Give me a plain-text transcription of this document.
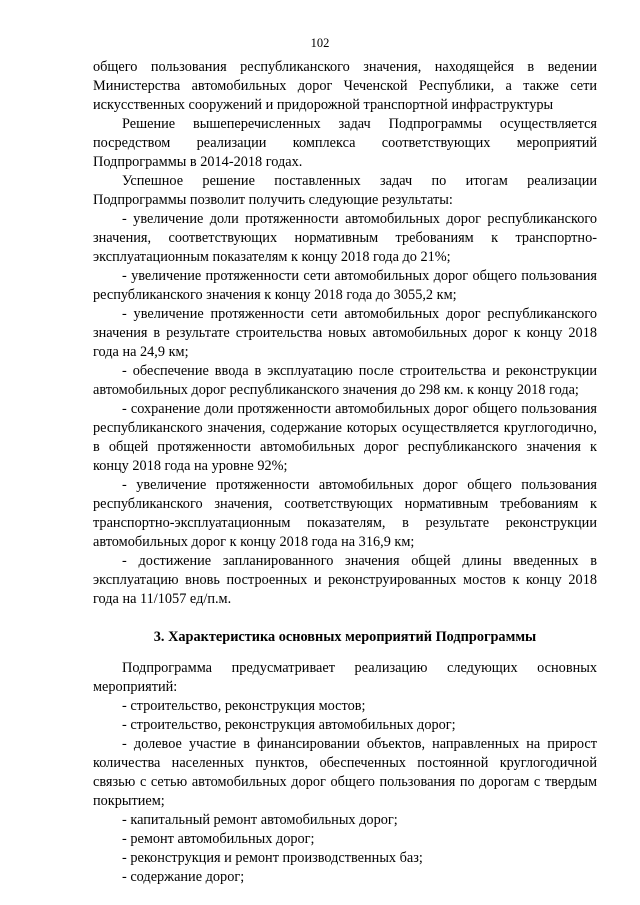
102

общего пользования республиканского значения, находящейся в ведении Министерства автомобильных дорог Чеченской Республики, а также сети искусственных сооружений и придорожной транспортной инфраструктуры

Решение вышеперечисленных задач Подпрограммы осуществляется посредством реализации комплекса соответствующих мероприятий Подпрограммы в 2014-2018 годах.

Успешное решение поставленных задач по итогам реализации Подпрограммы позволит получить следующие результаты:

- увеличение доли протяженности автомобильных дорог республиканского значения, соответствующих нормативным требованиям к транспортно-эксплуатационным показателям к концу 2018 года до 21%;

- увеличение протяженности сети автомобильных дорог общего пользования республиканского значения к концу 2018 года до 3055,2 км;

- увеличение протяженности сети автомобильных дорог республиканского значения в результате строительства новых автомобильных дорог к концу 2018 года на 24,9 км;

- обеспечение ввода в эксплуатацию после строительства и реконструкции автомобильных дорог республиканского значения до 298 км. к концу 2018 года;

- сохранение доли протяженности автомобильных дорог общего пользования республиканского значения, содержание которых осуществляется круглогодично, в общей протяженности автомобильных дорог республиканского значения к концу 2018 года на уровне 92%;

- увеличение протяженности автомобильных дорог общего пользования республиканского значения, соответствующих нормативным требованиям к транспортно-эксплуатационным показателям, в результате реконструкции автомобильных дорог к концу 2018 года на 316,9 км;

- достижение запланированного значения общей длины введенных в эксплуатацию вновь построенных и реконструированных мостов к концу 2018 года на 11/1057 ед/п.м.

3. Характеристика основных мероприятий Подпрограммы

Подпрограмма предусматривает реализацию следующих основных мероприятий:

- строительство, реконструкция мостов;

- строительство, реконструкция автомобильных дорог;

- долевое участие в финансировании объектов, направленных на прирост количества населенных пунктов, обеспеченных постоянной круглогодичной связью с сетью автомобильных дорог общего пользования по дорогам с твердым покрытием;

- капитальный ремонт автомобильных дорог;

- ремонт автомобильных дорог;

- реконструкция и ремонт производственных баз;

- содержание дорог;
